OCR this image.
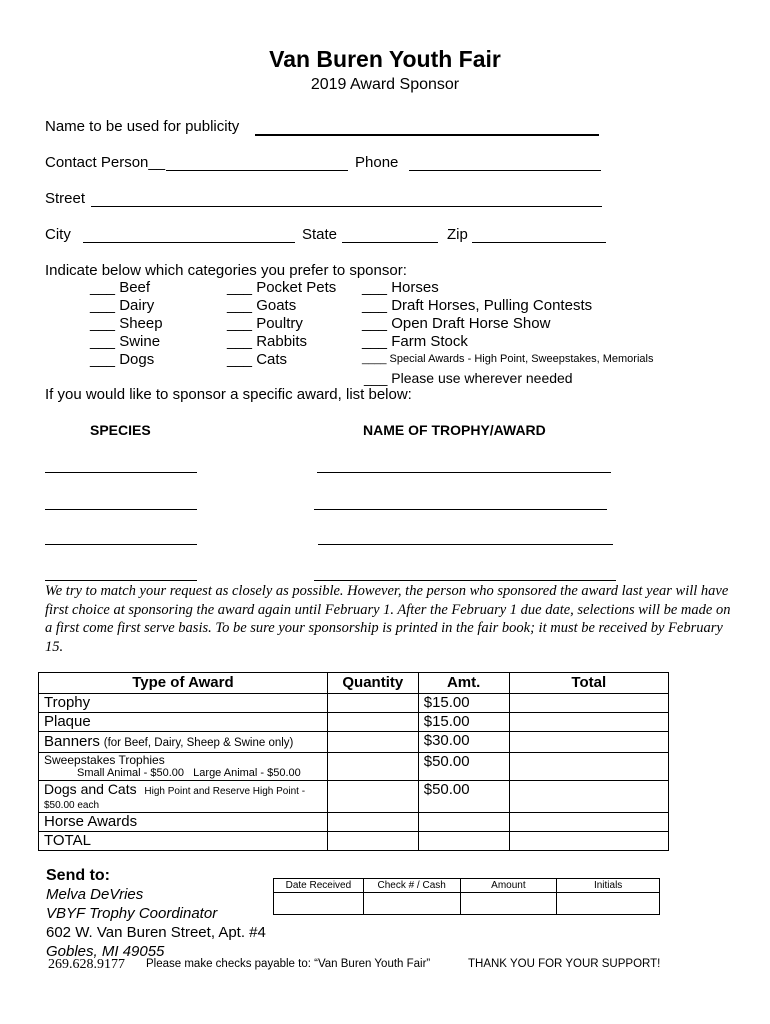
Van Buren Youth Fair
2019 Award Sponsor
Name to be used for publicity
Contact Person__	Phone
Street
City	State	Zip
Indicate below which categories you prefer to sponsor:
___ Beef
___ Dairy
___ Sheep
___ Swine
___ Dogs
___ Pocket Pets
___ Goats
___ Poultry
___ Rabbits
___ Cats
___ Horses
___ Draft Horses, Pulling Contests
___ Open Draft Horse Show
___ Farm Stock
____ Special Awards - High Point, Sweepstakes, Memorials
___ Please use wherever needed
If you would like to sponsor a specific award, list below:
SPECIES	NAME OF TROPHY/AWARD
We try to match your request as closely as possible. However, the person who sponsored the award last year will have first choice at sponsoring the award again until February 1. After the February 1 due date, selections will be made on a first come first serve basis. To be sure your sponsorship is printed in the fair book; it must be received by February 15.
Type of Award	Quantity	Amt.	Total
Trophy		$15.00	
Plaque		$15.00	
Banners (for Beef, Dairy, Sheep & Swine only)		$30.00	

Sweepstakes Trophies
Small Animal - $50.00   Large Animal - $50.00		$50.00	

Dogs and Cats High Point and Reserve High Point -
$50.00 each		$50.00	
Horse Awards			
TOTAL			
Send to:
Melva DeVries
VBYF Trophy Coordinator
602 W. Van Buren Street, Apt. #4
Gobles, MI 49055
Date Received	Check # / Cash	Amount	Initials

269.628.9177 Please make checks payable to: “Van Buren Youth Fair”	THANK YOU FOR YOUR SUPPORT!
